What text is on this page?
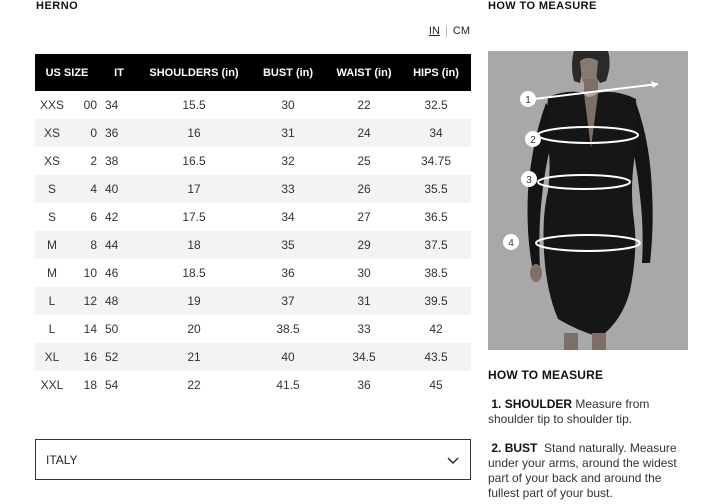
HERNO
IN CM
US SIZE	IT	SHOULDERS (in)	BUST (in)	WAIST (in)	HIPS (in)
XXS 00	34	15.5	30	22	32.5
XS 0	36	16	31	24	34
XS 2	38	16.5	32	25	34.75
S 4	40	17	33	26	35.5
S 6	42	17.5	34	27	36.5
M 8	44	18	35	29	37.5
M 10	46	18.5	36	30	38.5
L 12	48	19	37	31	39.5
L 14	50	20	38.5	33	42
XL 16	52	21	40	34.5	43.5
XXL 18	54	22	41.5	36	45
ITALY
HOW TO MEASURE
1
2
3
4
HOW TO MEASURE
1. SHOULDER Measure from shoulder tip to shoulder tip.
2. BUST Stand naturally. Measure under your arms, around the widest part of your back and around the fullest part of your bust.
